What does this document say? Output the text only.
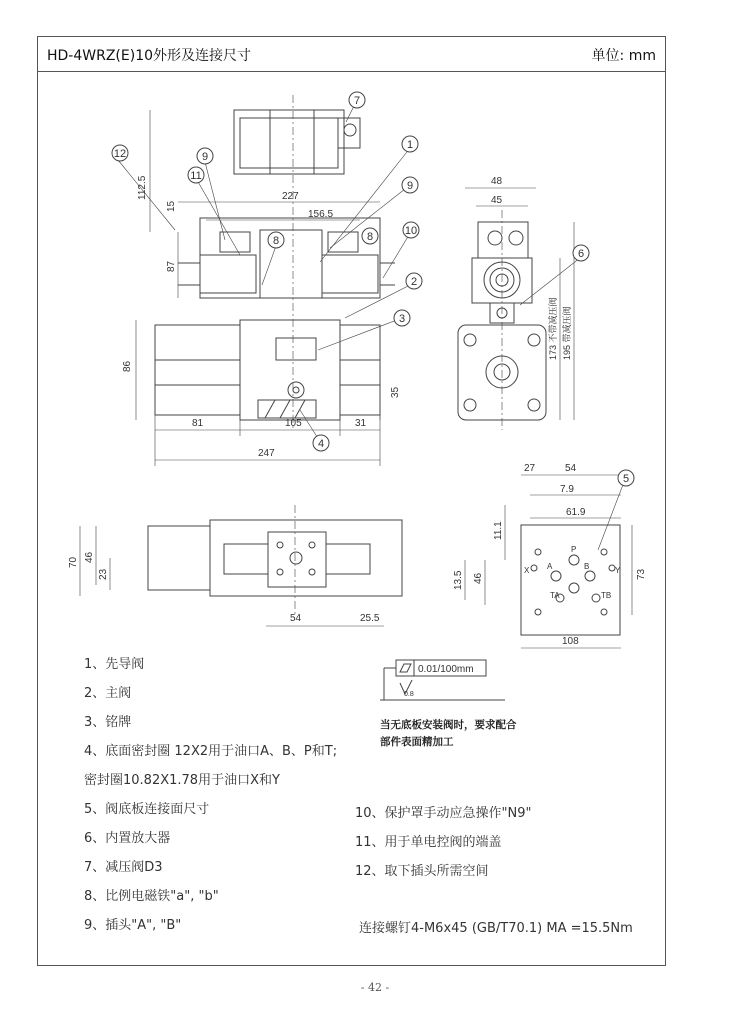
HD-4WRZ(E)10外形及连接尺寸	单位: mm
7
1
12	9
9
11
8	8	10
2
3
4
6
5
112.5
15
227
156.5
87
86
35
81	105	31
247
48
45
173 不带减压阀 195 带减压阀
70 46
23
54	25.5
27	54
7.9
61.9
11.1
13.5 46	73
108
P
A	B
X	Y
TA	TB
0.01/100mm
0.8
1、先导阀
2、主阀
3、铭牌
4、底面密封圈 12X2用于油口A、B、P和T;
密封圈10.82X1.78用于油口X和Y
5、阀底板连接面尺寸
6、内置放大器
7、减压阀D3
8、比例电磁铁"a", "b"
9、插头"A", "B"
当无底板安装阀时，要求配合
部件表面精加工
10、保护罩手动应急操作"N9"
11、用于单电控阀的端盖
12、取下插头所需空间
连接螺钉4-M6x45 (GB/T70.1) MA =15.5Nm
- 42 -
